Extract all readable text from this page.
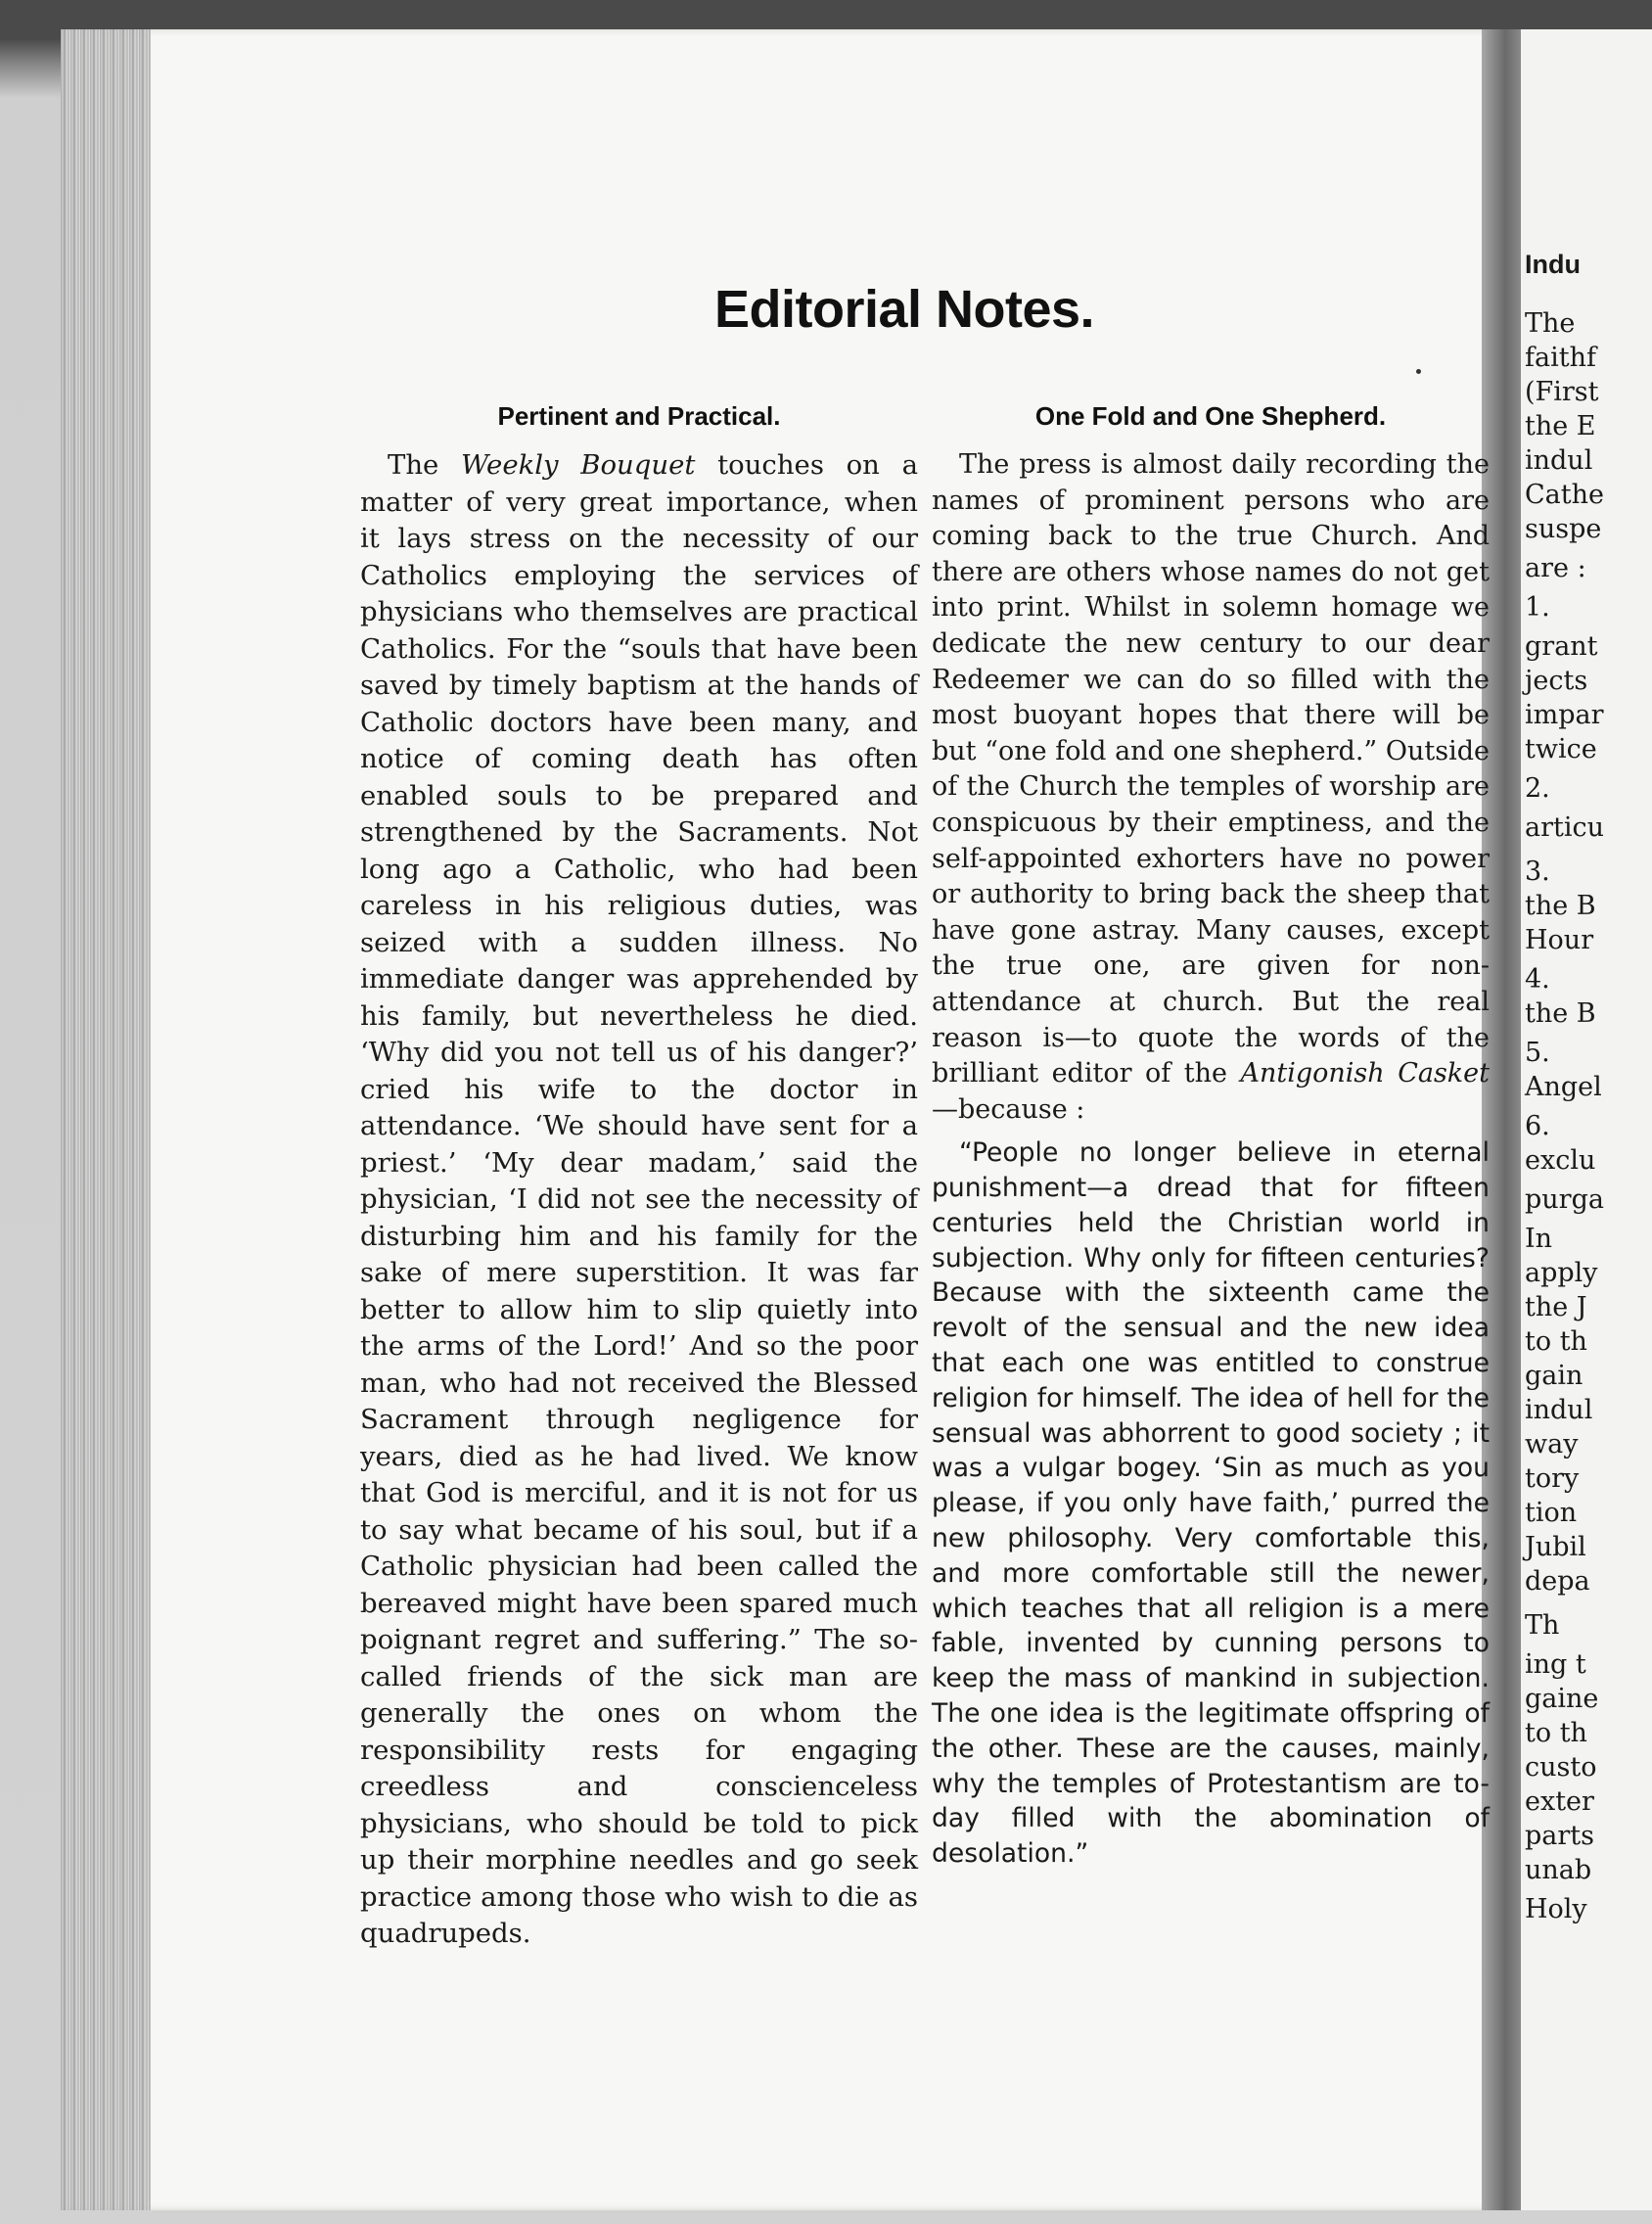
Editorial Notes.
Pertinent and Practical.

The Weekly Bouquet touches on a matter of very great importance, when it lays stress on the necessity of our Catholics employing the services of physicians who themselves are practical Catholics. For the “souls that have been saved by timely baptism at the hands of Catholic doctors have been many, and notice of coming death has often enabled souls to be prepared and strengthened by the Sacraments. Not long ago a Catholic, who had been careless in his religious duties, was seized with a sudden illness. No immediate danger was apprehended by his family, but nevertheless he died. ‘Why did you not tell us of his danger?’ cried his wife to the doctor in attendance. ‘We should have sent for a priest.’ ‘My dear madam,’ said the physician, ‘I did not see the necessity of disturbing him and his family for the sake of mere superstition. It was far better to allow him to slip quietly into the arms of the Lord!’ And so the poor man, who had not received the Blessed Sacrament through negligence for years, died as he had lived. We know that God is merciful, and it is not for us to say what became of his soul, but if a Catholic physician had been called the bereaved might have been spared much poignant regret and suffering.” The so-called friends of the sick man are generally the ones on whom the responsibility rests for engaging creedless and conscienceless physicians, who should be told to pick up their morphine needles and go seek practice among those who wish to die as quadrupeds.

One Fold and One Shepherd.

The press is almost daily recording the names of prominent persons who are coming back to the true Church. And there are others whose names do not get into print. Whilst in solemn homage we dedicate the new century to our dear Redeemer we can do so filled with the most buoyant hopes that there will be but “one fold and one shepherd.” Outside of the Church the temples of worship are conspicuous by their emptiness, and the self-appointed exhorters have no power or authority to bring back the sheep that have gone astray. Many causes, except the true one, are given for non-attendance at church. But the real reason is—to quote the words of the brilliant editor of the Antigonish Casket—because :

“People no longer believe in eternal punishment—a dread that for fifteen centuries held the Christian world in subjection. Why only for fifteen centuries? Because with the sixteenth came the revolt of the sensual and the new idea that each one was entitled to construe religion for himself. The idea of hell for the sensual was abhorrent to good society ; it was a vulgar bogey. ‘Sin as much as you please, if you only have faith,’ purred the new philosophy. Very comfortable this, and more comfortable still the newer, which teaches that all religion is a mere fable, invented by cunning persons to keep the mass of mankind in subjection. The one idea is the legitimate offspring of the other. These are the causes, mainly, why the temples of Protestantism are to-day filled with the abomination of desolation.”

Indu
The
faithf
(First
the E
indul
Cathe
suspe
are :
1.
grant
jects
impar
twice
2.
articu
3.
the B
Hour
4.
the B
5.
Angel
6.
exclu
purga
In
apply
the J
to th
gain
indul
way
tory
tion
Jubil
depa
Th
ing t
gaine
to th
custo
exter
parts
unab
Holy
